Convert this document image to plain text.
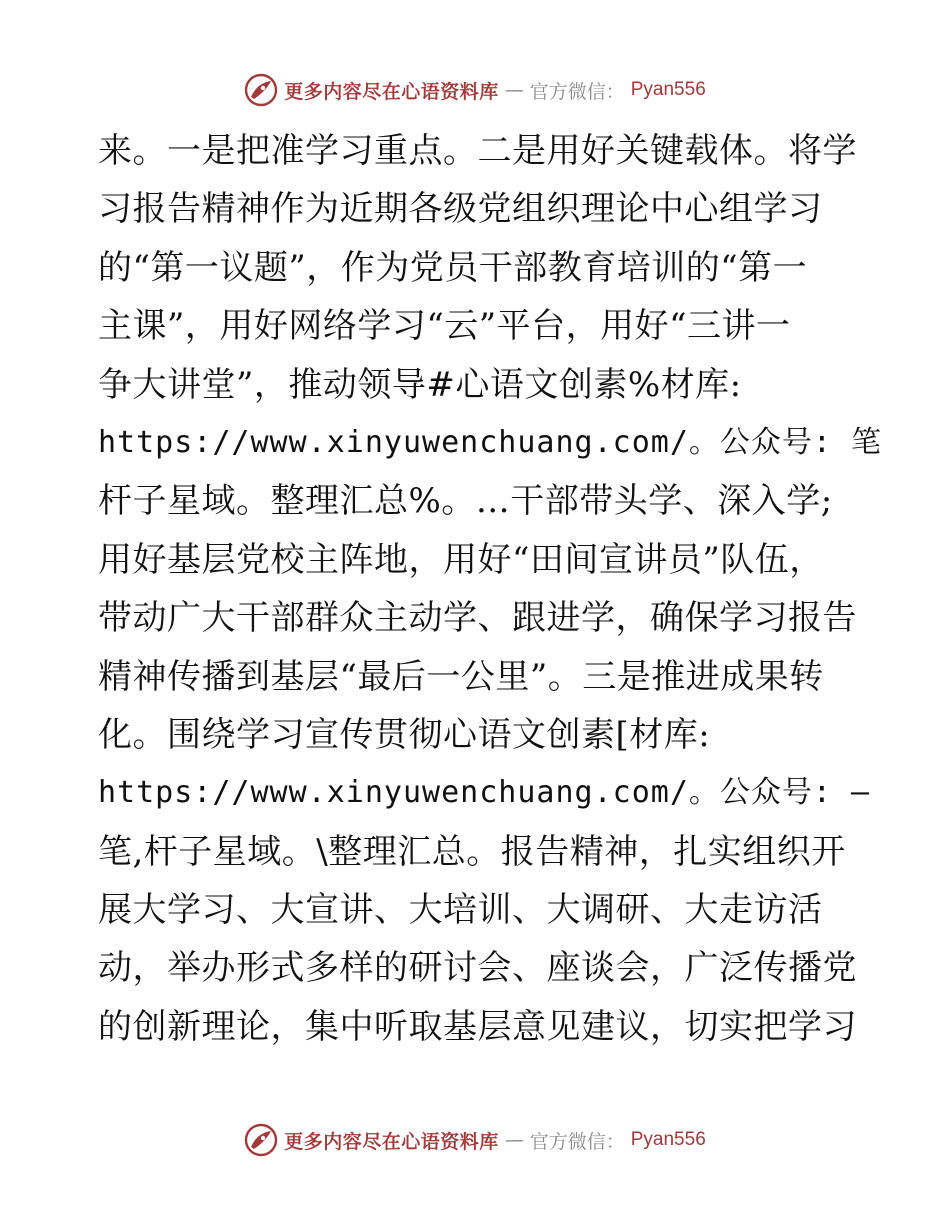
更多内容尽在心语资料库 — 官方微信： Pyan556
来。一是把准学习重点。二是用好关键载体。将学
习报告精神作为近期各级党组织理论中心组学习
的“第一议题”，作为党员干部教育培训的“第一
主课”，用好网络学习“云”平台，用好“三讲一
争大讲堂”，推动领导#心语文创素%材库:
https://www.xinyuwenchuang.com/。公众号: 笔
杆子星域。整理汇总%。…干部带头学、深入学;
用好基层党校主阵地，用好“田间宣讲员”队伍，
带动广大干部群众主动学、跟进学，确保学习报告
精神传播到基层“最后一公里”。三是推进成果转
化。围绕学习宣传贯彻心语文创素[材库:
https://www.xinyuwenchuang.com/。公众号: —
笔,杆子星域。\整理汇总。报告精神，扎实组织开
展大学习、大宣讲、大培训、大调研、大走访活
动，举办形式多样的研讨会、座谈会，广泛传播党
的创新理论，集中听取基层意见建议，切实把学习
更多内容尽在心语资料库 — 官方微信： Pyan556
